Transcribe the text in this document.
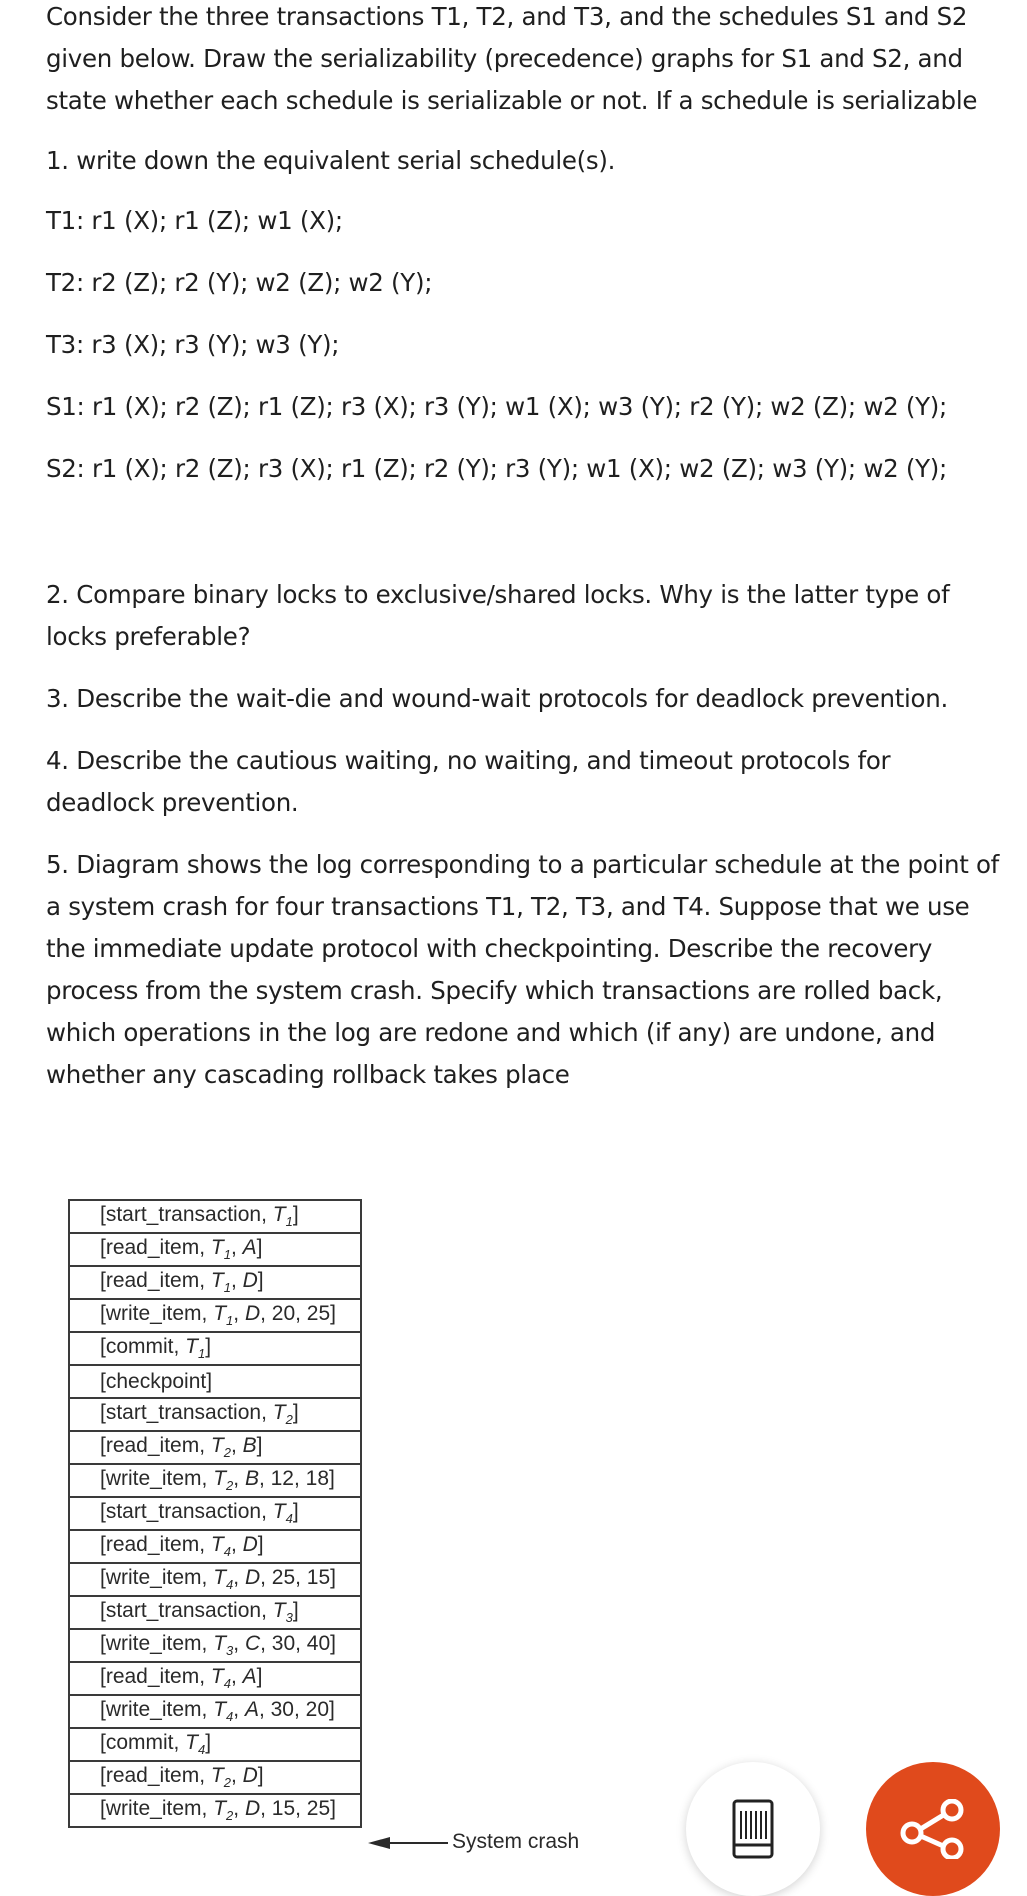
Consider the three transactions T1, T2, and T3, and the schedules S1 and S2 given below. Draw the serializability (precedence) graphs for S1 and S2, and state whether each schedule is serializable or not. If a schedule is serializable

1. write down the equivalent serial schedule(s).

T1: r1 (X); r1 (Z); w1 (X);
T2: r2 (Z); r2 (Y); w2 (Z); w2 (Y);
T3: r3 (X); r3 (Y); w3 (Y);
S1: r1 (X); r2 (Z); r1 (Z); r3 (X); r3 (Y); w1 (X); w3 (Y); r2 (Y); w2 (Z); w2 (Y);
S2: r1 (X); r2 (Z); r3 (X); r1 (Z); r2 (Y); r3 (Y); w1 (X); w2 (Z); w3 (Y); w2 (Y);

2. Compare binary locks to exclusive/shared locks. Why is the latter type of locks preferable?

3. Describe the wait-die and wound-wait protocols for deadlock prevention.

4. Describe the cautious waiting, no waiting, and timeout protocols for deadlock prevention.

5. Diagram shows the log corresponding to a particular schedule at the point of a system crash for four transactions T1, T2, T3, and T4. Suppose that we use the immediate update protocol with checkpointing. Describe the recovery process from the system crash. Specify which transactions are rolled back, which operations in the log are redone and which (if any) are undone, and whether any cascading rollback takes place

[start_transaction, $T_1$]
[read_item, $T_1$, A]
[read_item, $T_1$, D]
[write_item, $T_1$, D, 20, 25]
[commit, $T_1$]
[checkpoint]
[start_transaction, $T_2$]
[read_item, $T_2$, B]
[write_item, $T_2$, B, 12, 18]
[start_transaction, $T_4$]
[read_item, $T_4$, D]
[write_item, $T_4$, D, 25, 15]
[start_transaction, $T_3$]
[write_item, $T_3$, C, 30, 40]
[read_item, $T_4$, A]
[write_item, $T_4$, A, 30, 20]
[commit, $T_4$]
[read_item, $T_2$, D]
[write_item, $T_2$, D, 15, 25]
System crash
